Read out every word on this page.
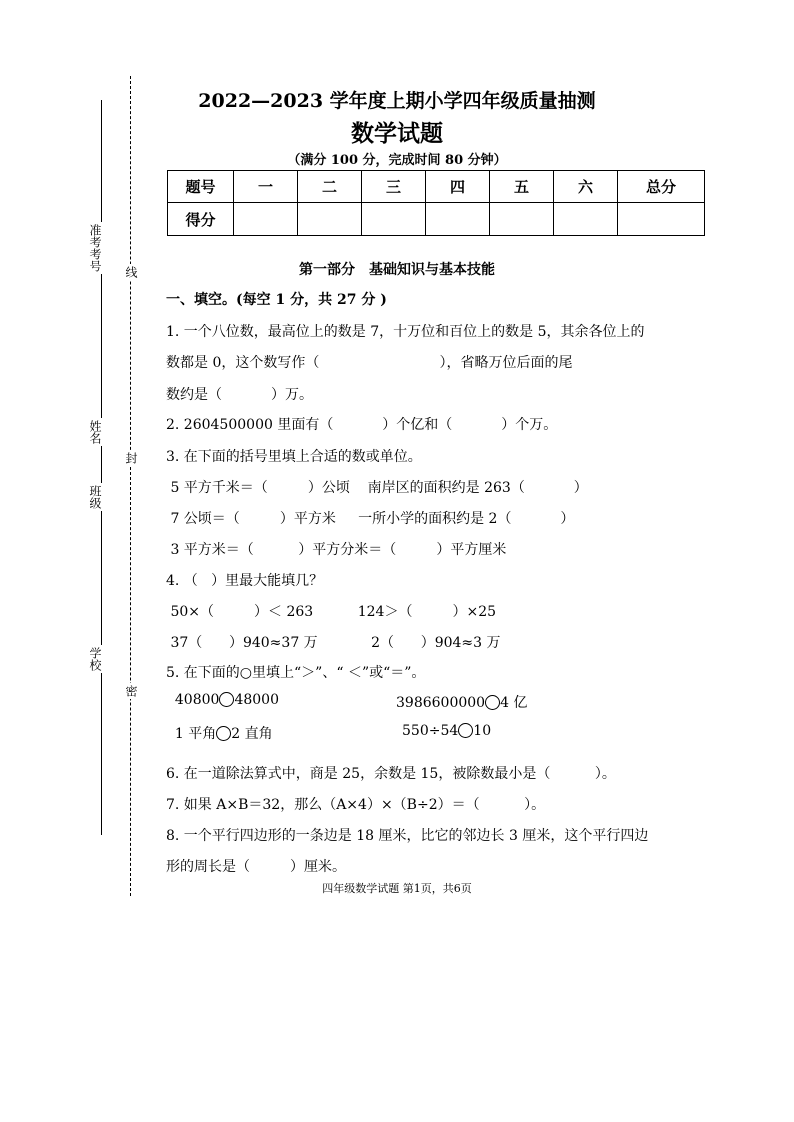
准考考号
姓名
班级
学校
线
封
密
2022—2023 学年度上期小学四年级质量抽测
数学试题
（满分 100 分，完成时间 80 分钟）
题号	一	二	三	四	五	六	总分
得分							
第一部分　基础知识与基本技能
一、填空。(每空 1 分，共 27 分 )
1. 一个八位数，最高位上的数是 7，十万位和百位上的数是 5，其余各位上的
数都是 0，这个数写作（                           ），省略万位后面的尾
数约是（           ）万。
2. 2604500000 里面有（           ）个亿和（           ）个万。
3. 在下面的括号里填上合适的数或单位。
5 平方千米＝（         ）公顷    南岸区的面积约是 263（           ）
7 公顷＝（         ）平方米     一所小学的面积约是 2（           ）
3 平方米＝（          ）平方分米＝（         ）平方厘米
4. （   ）里最大能填几？
50×（         ）＜ 263          124＞（         ）×25
37（      ）940≈37 万            2（      ）904≈3 万
5. 在下面的○里填上“＞”、“ ＜”或“＝”。
40800 48000	3986600000 4 亿
1 平角 2 直角	550÷54 10
6. 在一道除法算式中，商是 25，余数是 15，被除数最小是（          ）。
7. 如果 A×B＝32，那么（A×4）×（B÷2）＝（          ）。
8. 一个平行四边形的一条边是 18 厘米，比它的邻边长 3 厘米，这个平行四边
形的周长是（         ）厘米。
四年级数学试题 第1页，共6页
